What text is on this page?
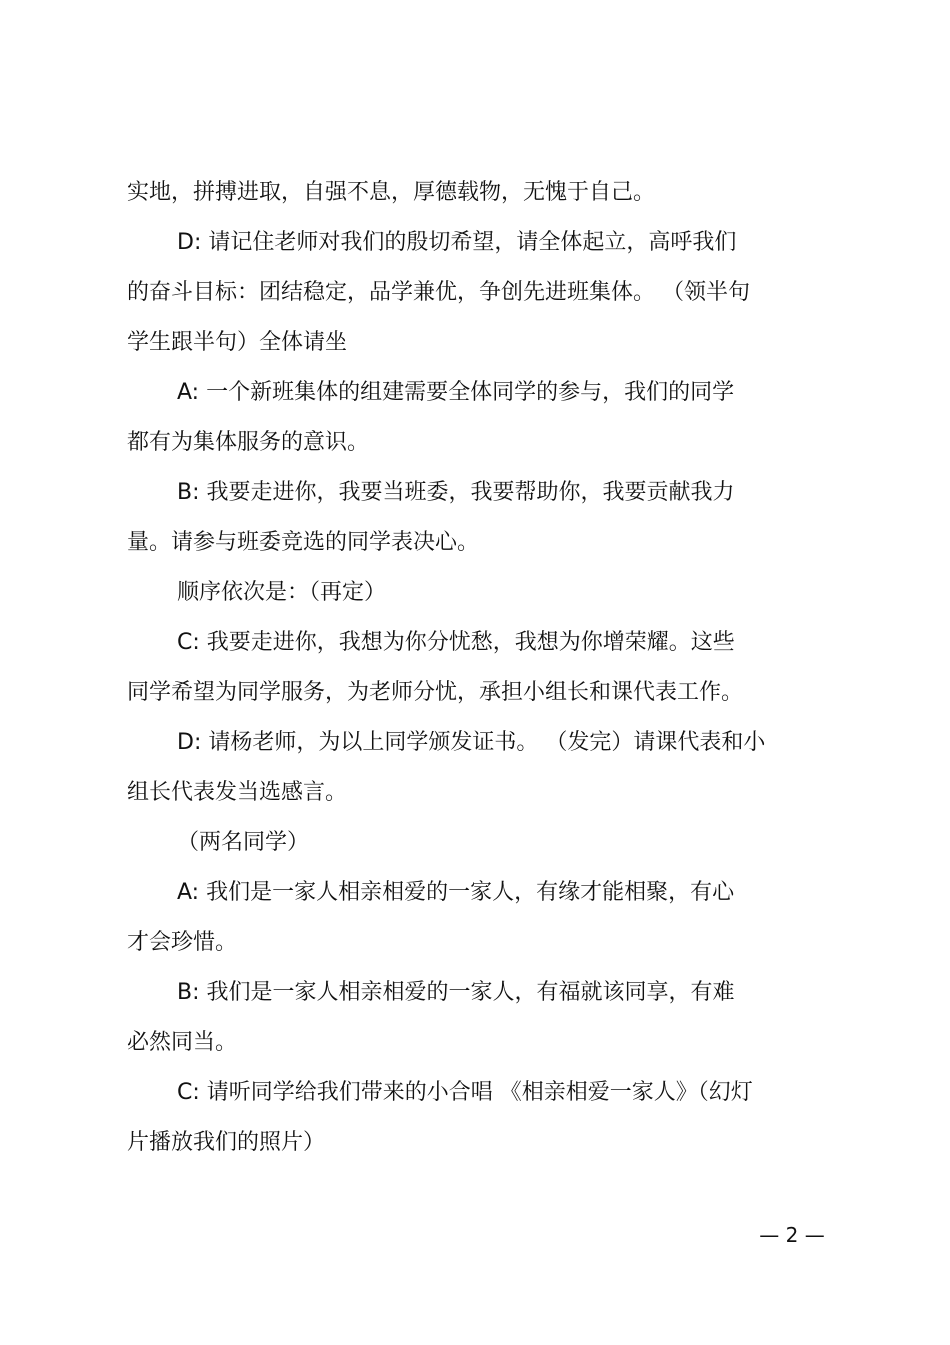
实地，拼搏进取，自强不息，厚德载物，无愧于自己。
D: 请记住老师对我们的殷切希望，请全体起立，高呼我们
的奋斗目标：团结稳定，品学兼优，争创先进班集体。 （领半句
学生跟半句）全体请坐
A: 一个新班集体的组建需要全体同学的参与，我们的同学
都有为集体服务的意识。
B: 我要走进你，我要当班委，我要帮助你，我要贡献我力
量。请参与班委竞选的同学表决心。
顺序依次是：（再定）
C: 我要走进你，我想为你分忧愁，我想为你增荣耀。这些
同学希望为同学服务，为老师分忧，承担小组长和课代表工作。
D: 请杨老师，为以上同学颁发证书。 （发完）请课代表和小
组长代表发当选感言。
（两名同学）
A: 我们是一家人相亲相爱的一家人，有缘才能相聚，有心
才会珍惜。
B: 我们是一家人相亲相爱的一家人，有福就该同享，有难
必然同当。
C: 请听同学给我们带来的小合唱 《相亲相爱一家人》（幻灯
片播放我们的照片）
— 2 —
